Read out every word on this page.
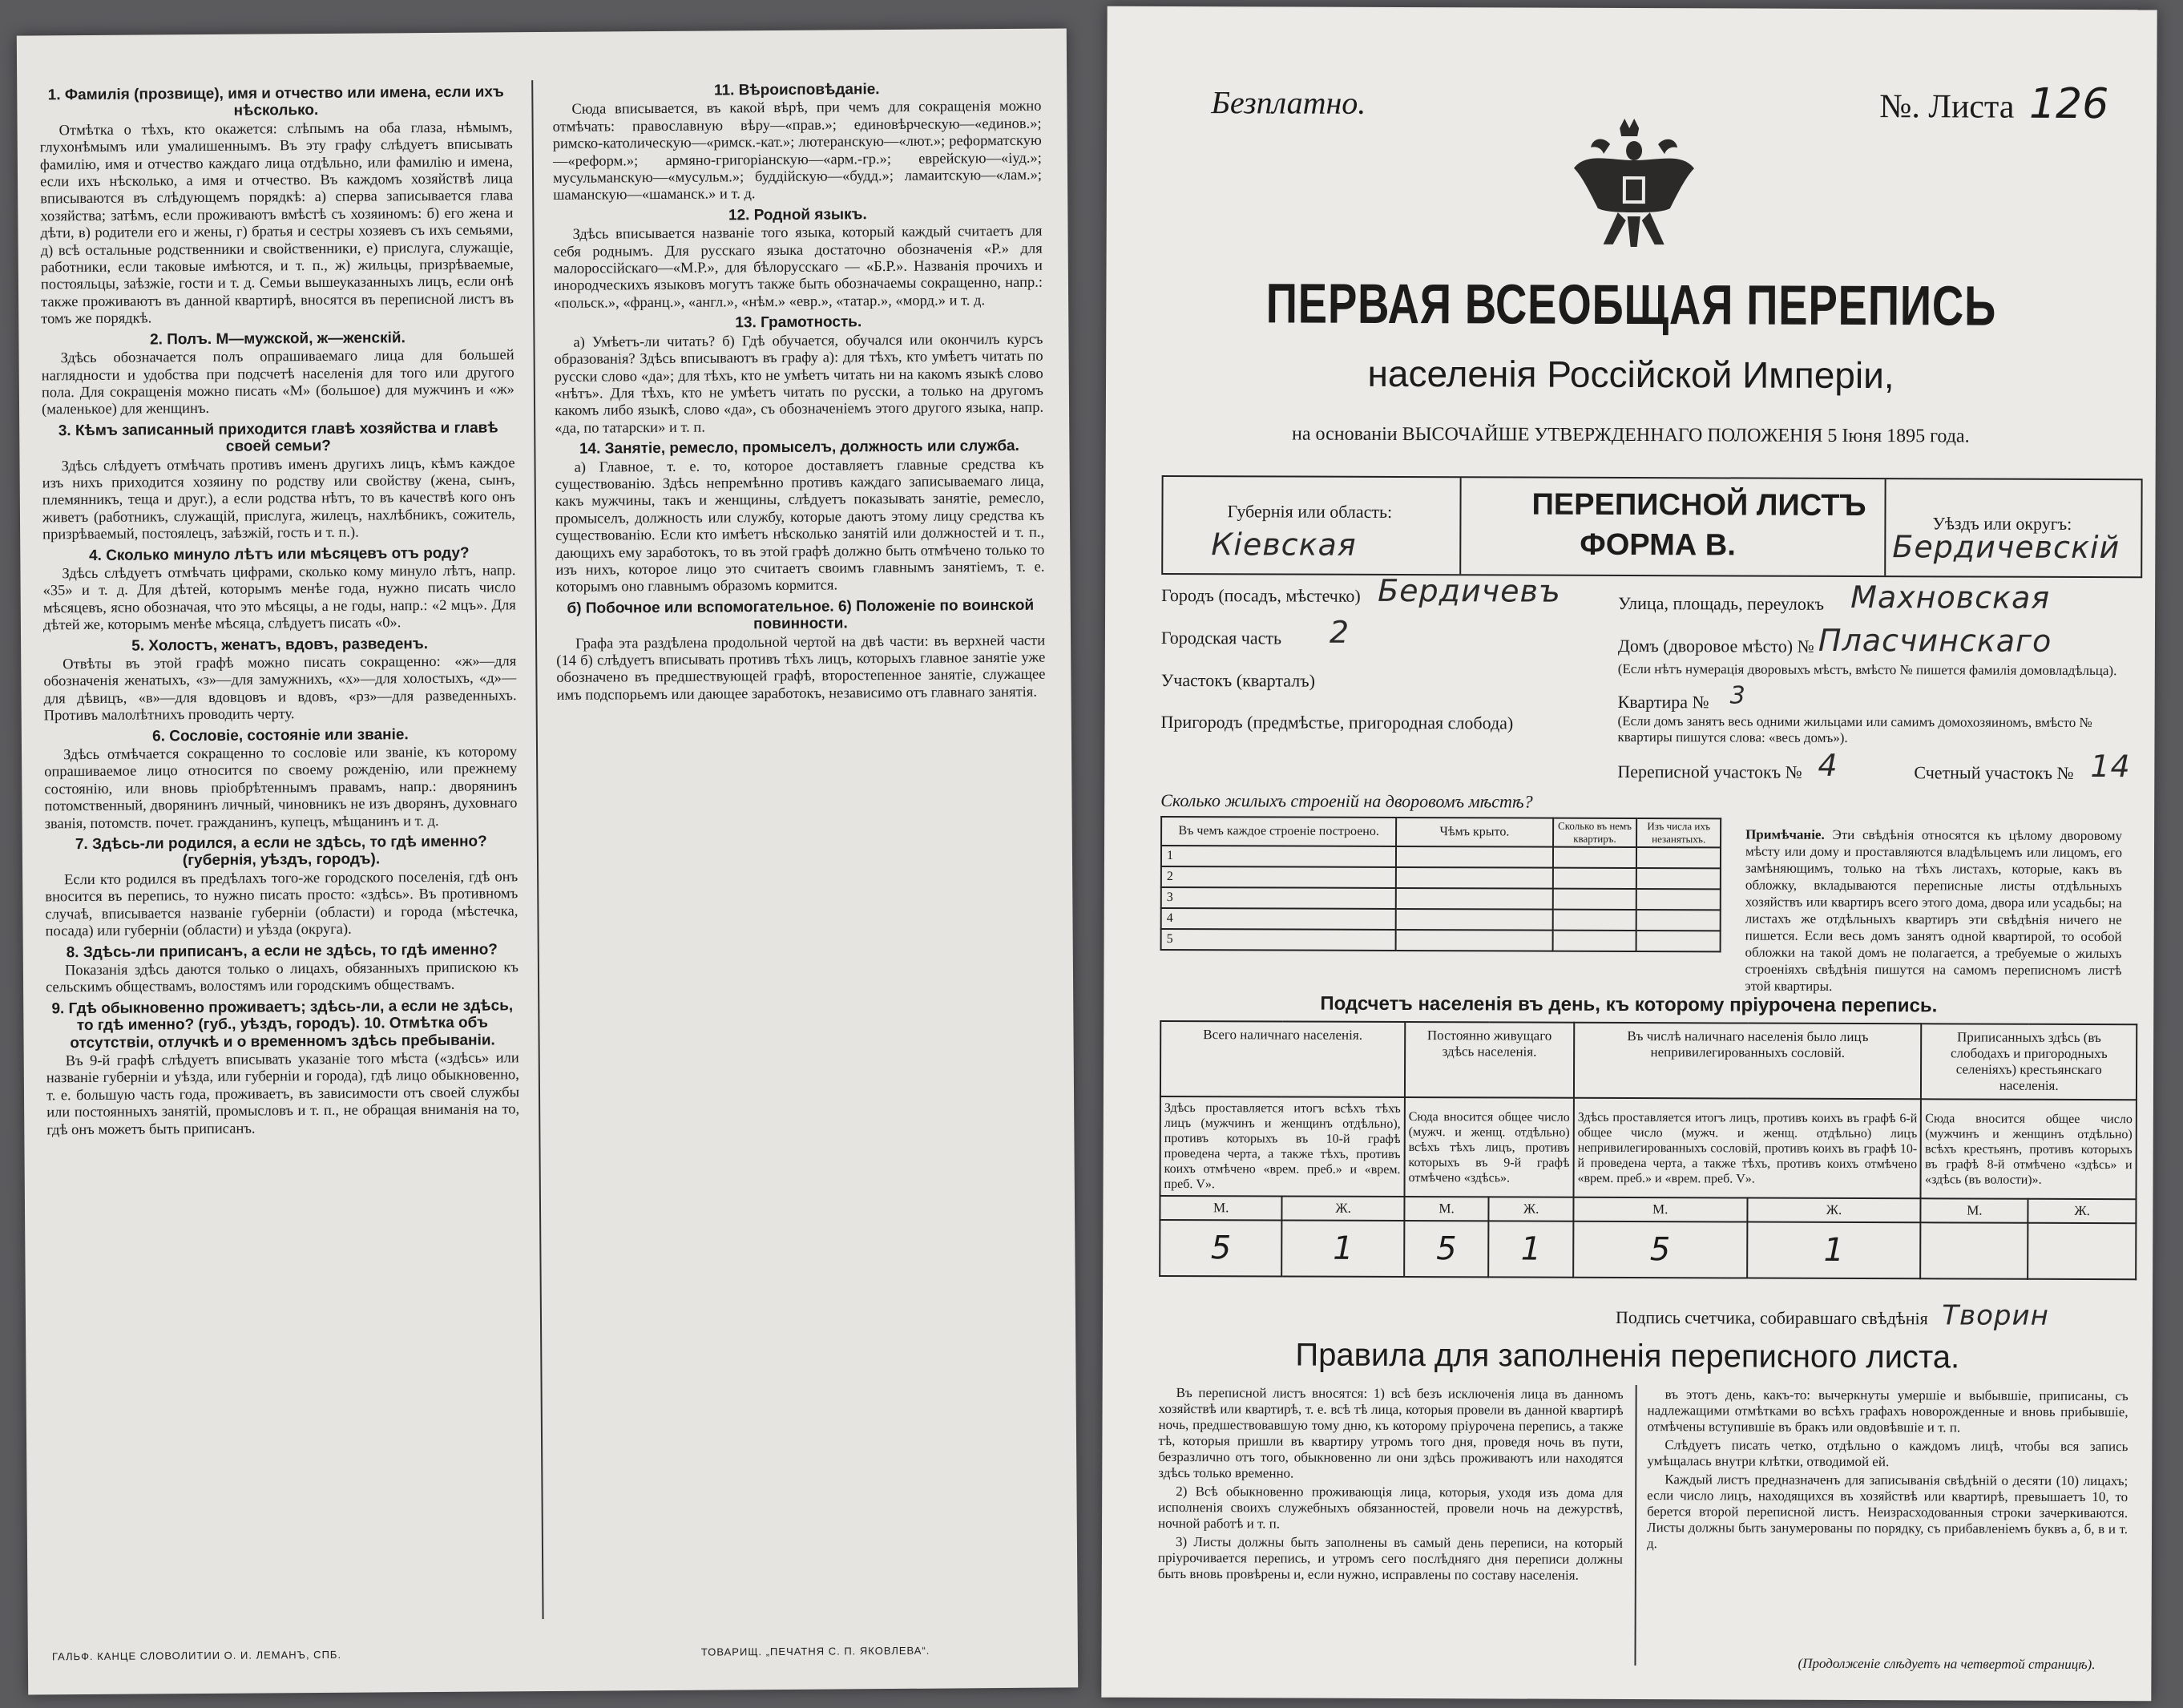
1. Фамилія (прозвище), имя и отчество или имена, если ихъ нѣсколько.

Отмѣтка о тѣхъ, кто окажется: слѣпымъ на оба глаза, нѣмымъ, глухонѣмымъ или умалишеннымъ. Въ эту графу слѣдуетъ вписывать фамилію, имя и отчество каждаго лица отдѣльно, или фамилію и имена, если ихъ нѣсколько, а имя и отчество. Въ каждомъ хозяйствѣ лица вписываются въ слѣдующемъ порядкѣ: а) сперва записывается глава хозяйства; затѣмъ, если проживаютъ вмѣстѣ съ хозяиномъ: б) его жена и дѣти, в) родители его и жены, г) братья и сестры хозяевъ съ ихъ семьями, д) всѣ остальные родственники и свойственники, е) прислуга, служащіе, работники, если таковые имѣются, и т. п., ж) жильцы, призрѣваемые, постояльцы, заѣзжіе, гости и т. д. Семьи вышеуказанныхъ лицъ, если онѣ также проживаютъ въ данной квартирѣ, вносятся въ переписной листъ въ томъ же порядкѣ.

2. Полъ. М—мужской, ж—женскій.

Здѣсь обозначается полъ опрашиваемаго лица для большей наглядности и удобства при подсчетѣ населенія для того или другого пола. Для сокращенія можно писать «М» (большое) для мужчинъ и «ж» (маленькое) для женщинъ.

3. Кѣмъ записанный приходится главѣ хозяйства и главѣ своей семьи?

Здѣсь слѣдуетъ отмѣчать противъ именъ другихъ лицъ, кѣмъ каждое изъ нихъ приходится хозяину по родству или свойству (жена, сынъ, племянникъ, теща и друг.), а если родства нѣтъ, то въ качествѣ кого онъ живетъ (работникъ, служащій, прислуга, жилецъ, нахлѣбникъ, сожитель, призрѣваемый, постоялецъ, заѣзжій, гость и т. п.).

4. Сколько минуло лѣтъ или мѣсяцевъ отъ роду?

Здѣсь слѣдуетъ отмѣчать цифрами, сколько кому минуло лѣтъ, напр. «35» и т. д. Для дѣтей, которымъ менѣе года, нужно писать число мѣсяцевъ, ясно обозначая, что это мѣсяцы, а не годы, напр.: «2 мцъ». Для дѣтей же, которымъ менѣе мѣсяца, слѣдуетъ писать «0».

5. Холостъ, женатъ, вдовъ, разведенъ.

Отвѣты въ этой графѣ можно писать сокращенно: «ж»—для обозначенія женатыхъ, «з»—для замужнихъ, «х»—для холостыхъ, «д»—для дѣвицъ, «в»—для вдовцовъ и вдовъ, «рз»—для разведенныхъ. Противъ малолѣтнихъ проводить черту.

6. Сословіе, состояніе или званіе.

Здѣсь отмѣчается сокращенно то сословіе или званіе, къ которому опрашиваемое лицо относится по своему рожденію, или прежнему состоянію, или вновь пріобрѣтеннымъ правамъ, напр.: дворянинъ потомственный, дворянинъ личный, чиновникъ не изъ дворянъ, духовнаго званія, потомств. почет. гражданинъ, купецъ, мѣщанинъ и т. д.

7. Здѣсь-ли родился, а если не здѣсь, то гдѣ именно? (губернія, уѣздъ, городъ).

Если кто родился въ предѣлахъ того-же городского поселенія, гдѣ онъ вносится въ перепись, то нужно писать просто: «здѣсь». Въ противномъ случаѣ, вписывается названіе губерніи (области) и города (мѣстечка, посада) или губерніи (области) и уѣзда (округа).

8. Здѣсь-ли приписанъ, а если не здѣсь, то гдѣ именно?

Показанія здѣсь даются только о лицахъ, обязанныхъ припискою къ сельскимъ обществамъ, волостямъ или городскимъ обществамъ.

9. Гдѣ обыкновенно проживаетъ; здѣсь-ли, а если не здѣсь, то гдѣ именно? (губ., уѣздъ, городъ). 10. Отмѣтка объ отсутствіи, отлучкѣ и о временномъ здѣсь пребываніи.

Въ 9-й графѣ слѣдуетъ вписывать указаніе того мѣста («здѣсь» или названіе губерніи и уѣзда, или губерніи и города), гдѣ лицо обыкновенно, т. е. большую часть года, проживаетъ, въ зависимости отъ своей службы или постоянныхъ занятій, промысловъ и т. п., не обращая вниманія на то, гдѣ онъ можетъ быть приписанъ.

11. Вѣроисповѣданіе.

Сюда вписывается, въ какой вѣрѣ, при чемъ для сокращенія можно отмѣчать: православную вѣру—«прав.»; единовѣрческую—«единов.»; римско-католическую—«римск.-кат.»; лютеранскую—«лют.»; реформатскую—«реформ.»; армяно-григоріанскую—«арм.-гр.»; еврейскую—«іуд.»; мусульманскую—«мусульм.»; буддійскую—«будд.»; ламаитскую—«лам.»; шаманскую—«шаманск.» и т. д.

12. Родной языкъ.

Здѣсь вписывается названіе того языка, который каждый считаетъ для себя роднымъ. Для русскаго языка достаточно обозначенія «Р.» для малороссійскаго—«М.Р.», для бѣлорусскаго — «Б.Р.». Названія прочихъ и инородческихъ языковъ могутъ также быть обозначаемы сокращенно, напр.: «польск.», «франц.», «англ.», «нѣм.» «евр.», «татар.», «морд.» и т. д.

13. Грамотность.

а) Умѣетъ-ли читать? б) Гдѣ обучается, обучался или окончилъ курсъ образованія? Здѣсь вписываютъ въ графу а): для тѣхъ, кто умѣетъ читать по русски слово «да»; для тѣхъ, кто не умѣетъ читать ни на какомъ языкѣ слово «нѣтъ». Для тѣхъ, кто не умѣетъ читать по русски, а только на другомъ какомъ либо языкѣ, слово «да», съ обозначеніемъ этого другого языка, напр. «да, по татарски» и т. п.

14. Занятіе, ремесло, промыселъ, должность или служба.

а) Главное, т. е. то, которое доставляетъ главные средства къ существованію. Здѣсь непремѣнно противъ каждаго записываемаго лица, какъ мужчины, такъ и женщины, слѣдуетъ показывать занятіе, ремесло, промыселъ, должность или службу, которые даютъ этому лицу средства къ существованію. Если кто имѣетъ нѣсколько занятій или должностей и т. п., дающихъ ему заработокъ, то въ этой графѣ должно быть отмѣчено только то изъ нихъ, которое лицо это считаетъ своимъ главнымъ занятіемъ, т. е. которымъ оно главнымъ образомъ кормится.

б) Побочное или вспомогательное. 6) Положеніе по воинской повинности.

Графа эта раздѣлена продольной чертой на двѣ части: въ верхней части (14 б) слѣдуетъ вписывать противъ тѣхъ лицъ, которыхъ главное занятіе уже обозначено въ предшествующей графѣ, второстепенное занятіе, служащее имъ подспорьемъ или дающее заработокъ, независимо отъ главнаго занятія.

ГАЛЬФ. КАНЦЕ СЛОВОЛИТИИ О. И. ЛЕМАНЪ, СПБ.	ТОВАРИЩ. „ПЕЧАТНЯ С. П. ЯКОВЛЕВА“.
Безплатно.	№. Листа 126
ПЕРВАЯ ВСЕОБЩАЯ ПЕРЕПИСЬ
населенія Россійской Имперіи,
на основаніи ВЫСОЧАЙШЕ УТВЕРЖДЕННАГО ПОЛОЖЕНІЯ 5 Іюня 1895 года.
Губернія или область:
Кіевская
ПЕРЕПИСНОЙ ЛИСТЪ
ФОРМА В.
Уѣздъ или округъ:
Бердичевскій
Городъ (посадъ, мѣстечко) Бердичевъ
Городская часть 2
Участокъ (кварталъ)
Пригородъ (предмѣстье, пригородная слобода)
Улица, площадь, переулокъ Махновская
Домъ (дворовое мѣсто) № Пласчинскаго
(Если нѣтъ нумерація дворовыхъ мѣстъ, вмѣсто № пишется фамилія домовладѣльца).
Квартира № 3
(Если домъ занятъ весь одними жильцами или самимъ домохозяиномъ, вмѣсто № квартиры пишутся слова: «весь домъ»).
Переписной участокъ № 4	Счетный участокъ № 14
Сколько жилыхъ строеній на дворовомъ мѣстѣ?
Въ чемъ каждое строеніе построено.	Чѣмъ крыто.	Сколько въ немъ квартиръ.	Изъ числа ихъ незанятыхъ.
1			
2			
3			
4			
5			
Примѣчаніе. Эти свѣдѣнія относятся къ цѣлому дворовому мѣсту или дому и проставляются владѣльцемъ или лицомъ, его замѣняющимъ, только на тѣхъ листахъ, которые, какъ въ обложку, вкладываются переписные листы отдѣльныхъ хозяйствъ или квартиръ всего этого дома, двора или усадьбы; на листахъ же отдѣльныхъ квартиръ эти свѣдѣнія ничего не пишется. Если весь домъ занятъ одной квартирой, то особой обложки на такой домъ не полагается, а требуемые о жилыхъ строеніяхъ свѣдѣнія пишутся на самомъ переписномъ листѣ этой квартиры.
Подсчетъ населенія въ день, къ которому пріурочена перепись.
Всего наличнаго населенія.		Постоянно живущаго здѣсь населенія.		Въ числѣ наличнаго населенія было лицъ непривилегированныхъ сословій.		Приписанныхъ здѣсь (въ слободахъ и пригородныхъ селеніяхъ) крестьянскаго населенія.	
Здѣсь проставляется итогъ всѣхъ тѣхъ лицъ (мужчинъ и женщинъ отдѣльно), противъ которыхъ въ 10-й графѣ проведена черта, а также тѣхъ, противъ коихъ отмѣчено «врем. преб.» и «врем. преб. V».		Сюда вносится общее число (мужч. и женщ. отдѣльно) всѣхъ тѣхъ лицъ, противъ которыхъ въ 9-й графѣ отмѣчено «здѣсь».		Здѣсь проставляется итогъ лицъ, противъ коихъ въ графѣ 6-й общее число (мужч. и женщ. отдѣльно) лицъ непривилегированныхъ сословій, противъ коихъ въ графѣ 10-й проведена черта, а также тѣхъ, противъ коихъ отмѣчено «врем. преб.» и «врем. преб. V».		Сюда вносится общее число (мужчинъ и женщинъ отдѣльно) всѣхъ крестьянъ, противъ которыхъ въ графѣ 8-й отмѣчено «здѣсь» и «здѣсь (въ волости)».	
М.	Ж.	М.	Ж.	М.	Ж.	М.	Ж.
5	1	5	1	5	1		
Подпись счетчика, собиравшаго свѣдѣнія Творин
Правила для заполненія переписного листа.

Въ переписной листъ вносятся: 1) всѣ безъ исключенія лица въ данномъ хозяйствѣ или квартирѣ, т. е. всѣ тѣ лица, которыя провели въ данной квартирѣ ночь, предшествовавшую тому дню, къ которому пріурочена перепись, а также тѣ, которыя пришли въ квартиру утромъ того дня, проведя ночь въ пути, безразлично отъ того, обыкновенно ли они здѣсь проживаютъ или находятся здѣсь только временно.

2) Всѣ обыкновенно проживающія лица, которыя, уходя изъ дома для исполненія своихъ служебныхъ обязанностей, провели ночь на дежурствѣ, ночной работѣ и т. п.

3) Листы должны быть заполнены въ самый день переписи, на который пріурочивается перепись, и утромъ сего послѣдняго дня переписи должны быть вновь провѣрены и, если нужно, исправлены по составу населенія.

въ этотъ день, какъ-то: вычеркнуты умершіе и выбывшіе, приписаны, съ надлежащими отмѣтками во всѣхъ графахъ новорожденные и вновь прибывшіе, отмѣчены вступившіе въ бракъ или овдовѣвшіе и т. п.

Слѣдуетъ писать четко, отдѣльно о каждомъ лицѣ, чтобы вся запись умѣщалась внутри клѣтки, отводимой ей.

Каждый листъ предназначенъ для записыванія свѣдѣній о десяти (10) лицахъ; если число лицъ, находящихся въ хозяйствѣ или квартирѣ, превышаетъ 10, то берется второй переписной листъ. Неизрасходованныя строки зачеркиваются. Листы должны быть занумерованы по порядку, съ прибавленіемъ буквъ а, б, в и т. д.

(Продолженіе слѣдуетъ на четвертой страницѣ).
